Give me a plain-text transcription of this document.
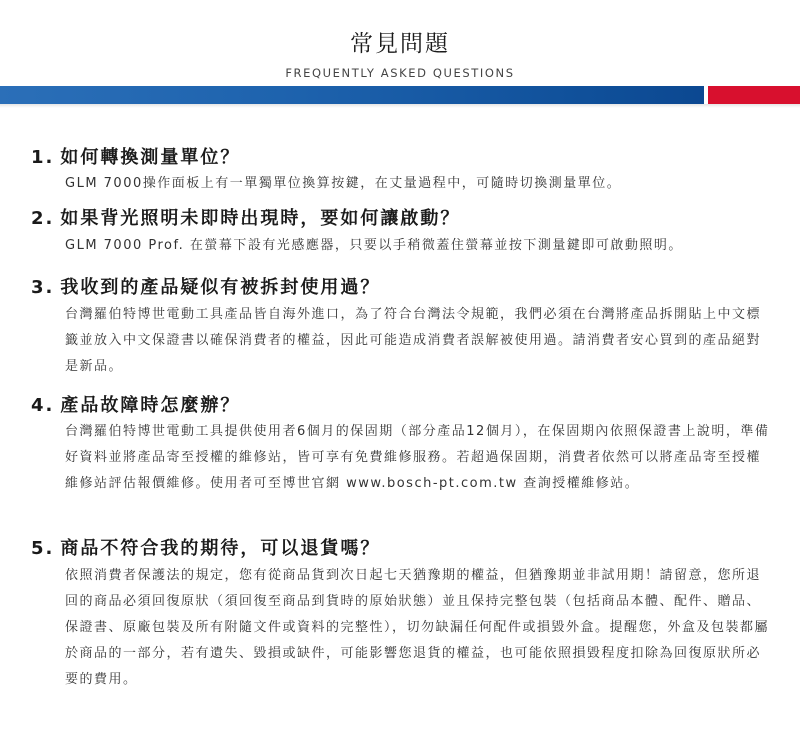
常見問題
FREQUENTLY ASKED QUESTIONS
1. 如何轉換測量單位？
GLM 7000操作面板上有一單獨單位換算按鍵，在丈量過程中，可隨時切換測量單位。
2. 如果背光照明未即時出現時，要如何讓啟動？
GLM 7000 Prof. 在螢幕下設有光感應器，只要以手稍微蓋住螢幕並按下測量鍵即可啟動照明。
3. 我收到的產品疑似有被拆封使用過？
台灣羅伯特博世電動工具產品皆自海外進口，為了符合台灣法令規範，我們必須在台灣將產品拆開貼上中文標籤並放入中文保證書以確保消費者的權益，因此可能造成消費者誤解被使用過。請消費者安心買到的產品絕對是新品。
4. 產品故障時怎麼辦？
台灣羅伯特博世電動工具提供使用者6個月的保固期（部分產品12個月），在保固期內依照保證書上說明，準備好資料並將產品寄至授權的維修站，皆可享有免費維修服務。若超過保固期，消費者依然可以將產品寄至授權維修站評估報價維修。使用者可至博世官網 www.bosch-pt.com.tw 查詢授權維修站。
5. 商品不符合我的期待，可以退貨嗎？
依照消費者保護法的規定，您有從商品貨到次日起七天猶豫期的權益，但猶豫期並非試用期！請留意，您所退回的商品必須回復原狀（須回復至商品到貨時的原始狀態）並且保持完整包裝（包括商品本體、配件、贈品、保證書、原廠包裝及所有附隨文件或資料的完整性），切勿缺漏任何配件或損毀外盒。提醒您，外盒及包裝都屬於商品的一部分，若有遺失、毀損或缺件，可能影響您退貨的權益，也可能依照損毀程度扣除為回復原狀所必要的費用。
